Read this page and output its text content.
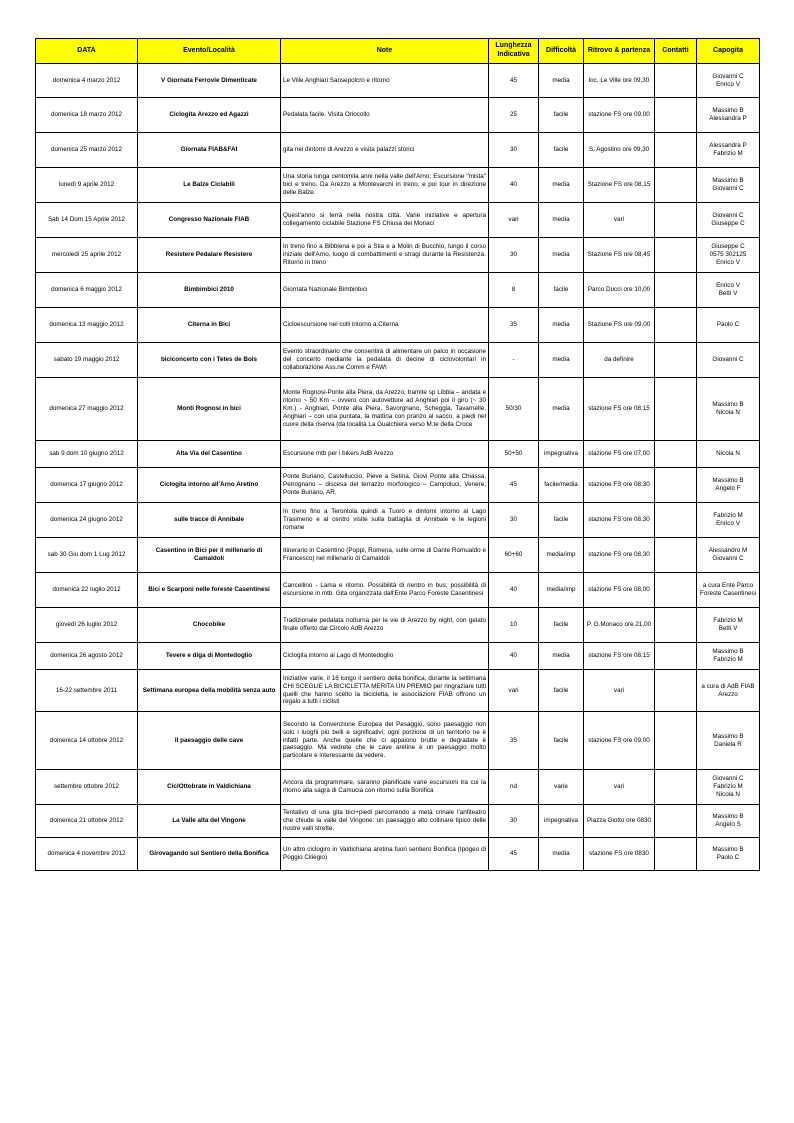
DATA	Evento/Località	Note	Lunghezza Indicativa	Difficoltà	Ritrovo & partenza	Contatti	Capogita
domenica 4 marzo 2012	V Giornata Ferrovie Dimenticate	Le Ville Anghiari Sansepolcro e ritorno	45	media	loc. Le Ville ore 09,30		Giovanni C
Enrico V
domenica 18 marzo 2012	Ciclogita Arezzo ed Agazzi	Pedalata facile. Visita Oriocollo	25	facile	stazione FS ore 09,00		Massimo B
Alessandra P
domenica 25 marzo 2012	Giornata FIAB&FAI	gita nei dintorni di Arezzo e visita palazzi storici	30	facile	S. Agostino ore 09,30		Alessandra P
Fabrizio M
lunedì 9 aprile 2012	Le Balze Ciclabili	Una storia lunga centomila anni nella valle dell'Arno; Escursione "mista" bici e treno. Da Arezzo a Montevarchi in treno, e poi tour in direzione delle Balze.	40	media	Stazione FS ore 08,15		Massimo B
Giovanni C
Sab 14 Dom 15 Aprile 2012	Congresso Nazionale FIAB	Quest'anno si terrà nella nostra città. Varie iniziative e apertura collegamento ciclabile Stazione FS Chiusa dei Monaci	vari	media	vari		Giovanni C
Giuseppe C
mercoledì 25 aprile 2012	Resistere Pedalare Resistere	In treno fino a Bibbiena e poi a Stia e a Molin di Bucchio, lungo il corso iniziale dell'Arno, luogo di combattimenti e stragi durante la Resistenza. Ritorno in treno	30	media	Stazione FS ore 08,45		Giuseppe C
0575 302125
Enrico V
domenica 6 maggio 2012	Bimbimbici 2010	Giornata Nazionale Bimbinbici	8	facile	Parco Ducci ore 10,00		Enrico V
Betti V
domenica 13 maggio 2012	Citerna in Bici	Cicloescursione nei colli intorno a Citerna	35	media	Stazione FS ore 09,00		Paolo C
sabato 19 maggio 2012	biciconcerto con i Tetes de Bois	Evento straordinario che consentirà di alimentare un palco in occasione del concerto mediante la pedalata di decine di ciclovolontari in collaborazione Ass.ne Comm e FAWI	-	media	da definire		Giovanni C
domenica 27 maggio 2012	Monti Rognosi in bici	Monte Rognosi-Ponte alla Piera, da Arezzo, tramite sp Libbia – andata e ritorno ~ 50 Km – ovvero con autovetture ad Anghiari poi il giro (~ 30 Km.) - Anghiari, Ponte alla Piera, Savorgnano, Scheggia, Tavarnelle, Anghiari – con una puntata, la mattina con pranzo al sacco, a piedi nel cuore della riserva (da località La Gualchiera verso M.te della Croce	50/30	media	stazione FS ore 08,15		Massimo B
Nicola N
sab 9 dom 10 giugno 2012	Alta Via del Casentino	Escursione mtb per i bikers AdB Arezzo	50+50	impegnativa	stazione FS ore 07,00		Nicola N
domenica 17 giugno 2012	Ciclogita intorno all'Arno Aretino	Ponte Buriano, Castelluccio, Pieve a Setina, Giovi Ponte alla Chiassa, Petrognano – discesa del terrazzo morfologico – Campoluci, Venere, Ponte Buriano, AR.	45	facile/media	stazione FS ore 08,30		Massimo B
Angelo F
domenica 24 giugno 2012	sulle tracce di Annibale	In treno fino a Terontola quindi a Tuoro e dintorni intorno al Lago Trasimeno e al centro visite sulla battaglia di Annibale e le legioni romane	30	facile	stazione FS ore 08,30		Fabrizio M
Enrico V
sab 30 Giu dom 1 Lug 2012	Casentino in Bici per il millenario di Camaldoli	Itinerario in Casentino (Poppi, Romena, sulle orme di Dante Romualdo e Francesco) nel millenario di Camaldoli	60+60	media/imp	stazione FS ore 08,30		Alessandro M
Giovanni C
domenica 22 luglio 2012	Bici e Scarponi nelle foreste Casentinesi	Cancellino - Lama e ritorno. Possibilità di rientro in bus; possibilità di escursione in mtb. Gita organizzata dall'Ente Parco Foreste Casentinesi	40	media/imp	stazione FS ore 08,00		a cura Ente Parco Foreste Casentinesi
giovedì 26 luglio 2012	Chocobike	Tradizionale pedalata notturna per le vie di Arezzo by night, con gelato finale offerto dal Circolo AdB Arezzo	10	facile	P. G.Monaco ore 21,00		Fabrizio M
Betti V
domenica 26 agosto 2012	Tevere e diga di Montedoglio	Ciclogita intorno al Lago di Montedoglio	40	media	stazione FS ore 08,15		Massimo B
Fabrizio M
16-22 settembre 2011	Settimana europea della mobilità senza auto	Iniziative varie, il 16 lungo il sentiero della bonifica, durante la settimana CHI SCEGLIE LA BICICLETTA MERITA UN PREMIO per ringraziare tutti quelli che hanno scelto la bicicletta, le associazioni FIAB offrono un regalo a tutti i ciclisti	vari	facile	vari		a cura di AdB FIAB Arezzo
domenica 14 ottobre 2012	Il paesaggio delle cave	Secondo la Convenzione Europea del Pesaggio, sono paesaggio non solo i luoghi più belli e significativi; ogni porzione di un territorio ne è infatti parte. Anche quelle che ci appaiono brutte e degradate è paesaggio. Ma vedrete che le cave aretine è un paesaggio molto particolare e interessante da vedere.	35	facile	stazione FS ore 09,00		Massimo B
Daniela R
settembre ottobre 2012	CiclOttobrate in Valdichiana	Ancora da programmare, saranno pianificate varie escursioni tra cui la ritorno alla sagra di Camucia con ritorno sulla Bonifica	nd	varie	vari		Giovanni C
Fabrizio M
Nicola N
domenica 21 ottobre 2012	La Valle alta del Vingone	Tentativo di una gita bici+piedi percorrendo a metà crinale l'anfiteatro che chiude la valle del Vingone: un paesaggio alto collinare tipico delle nostre valli strette.	30	impegnativa	Piazza Giotto ore 0830		Massimo B
Angelo S
domenica 4 novembre 2012	Girovagando sul Sentiero della Bonifica	Un altro ciclogiro in Valdichiana aretina fuori sentiero Bonifica (Ipogeo di Poggio Ciliegio)	45	media	stazione FS ore 0830		Massimo B
Paolo C
